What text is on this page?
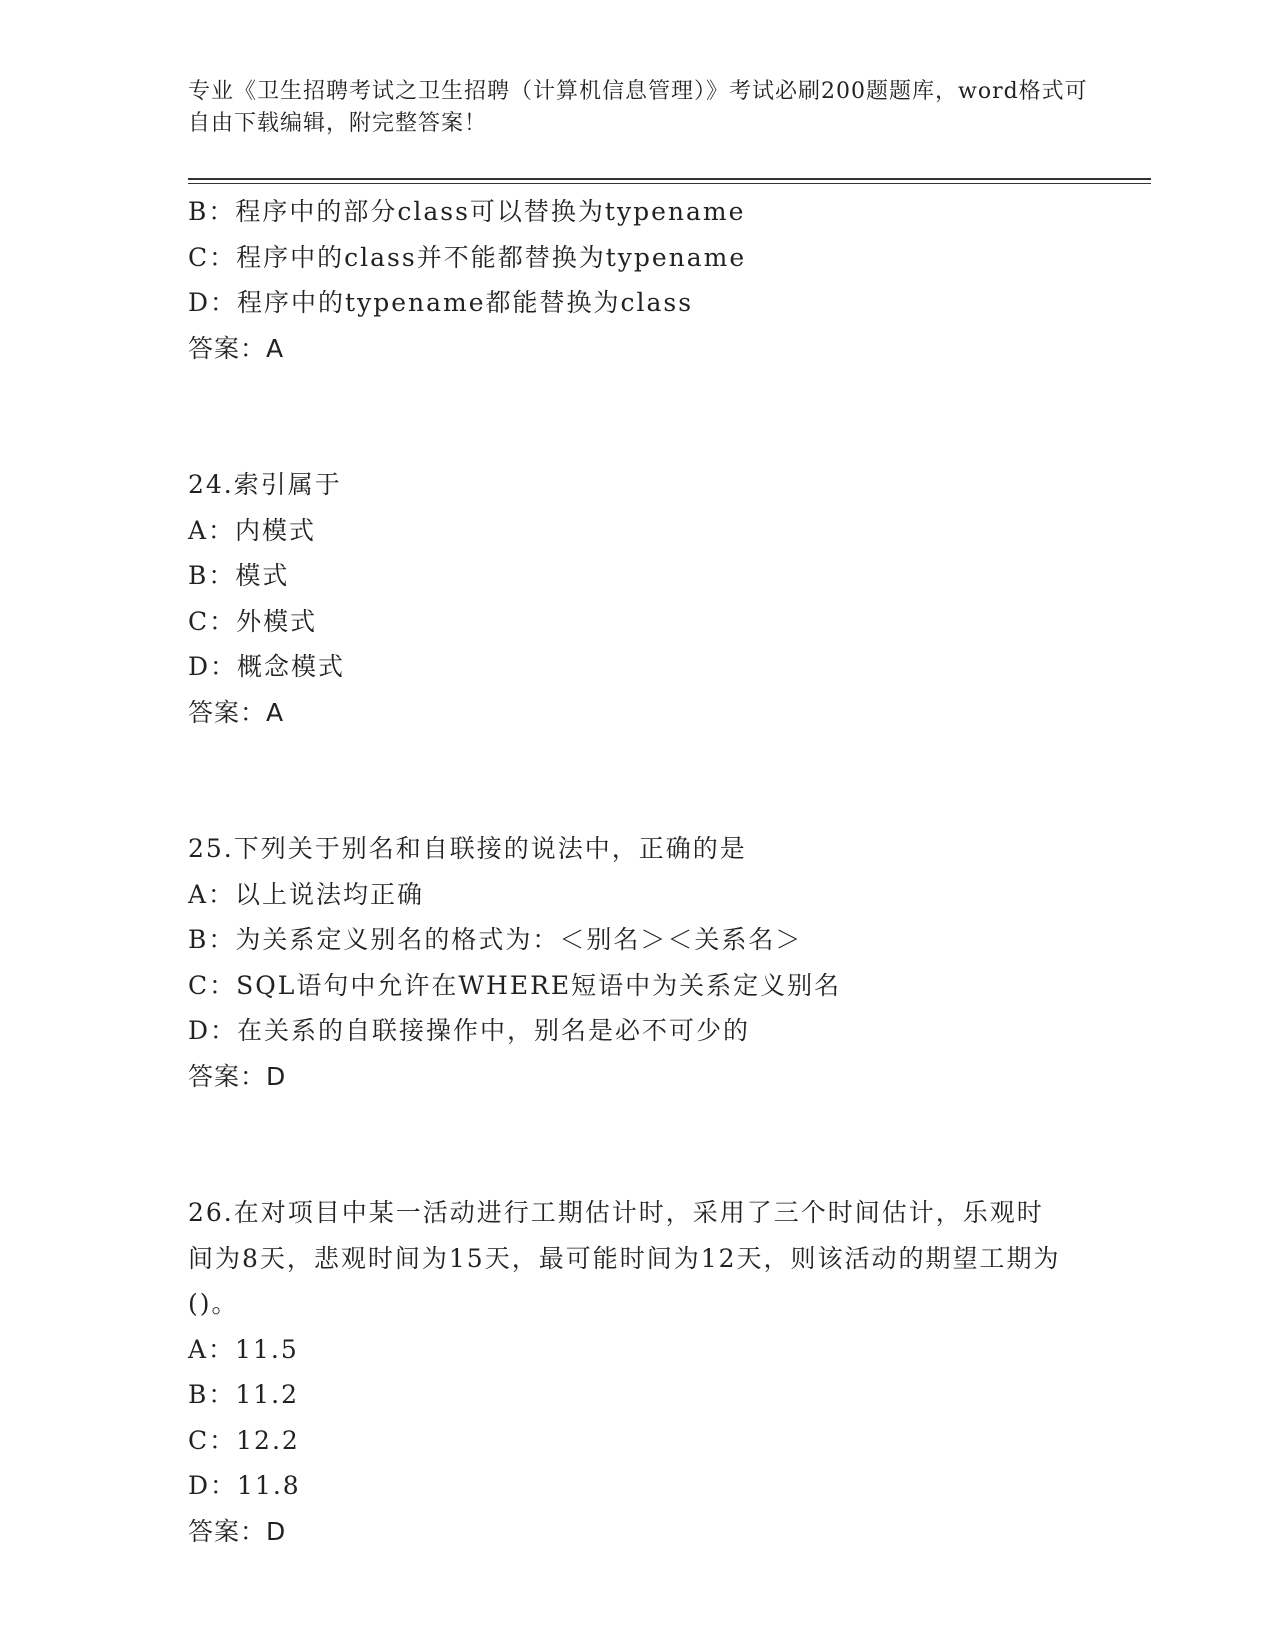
专业《卫生招聘考试之卫生招聘（计算机信息管理）》考试必刷200题题库，word格式可自由下载编辑，附完整答案！
B：程序中的部分class可以替换为typename
C：程序中的class并不能都替换为typename
D：程序中的typename都能替换为class
答案：A
24.索引属于
A：内模式
B：模式
C：外模式
D：概念模式
答案：A
25.下列关于别名和自联接的说法中，正确的是
A：以上说法均正确
B：为关系定义别名的格式为：＜别名＞＜关系名＞
C：SQL语句中允许在WHERE短语中为关系定义别名
D：在关系的自联接操作中，别名是必不可少的
答案：D
26.在对项目中某一活动进行工期估计时，采用了三个时间估计，乐观时间为8天，悲观时间为15天，最可能时间为12天，则该活动的期望工期为()。
A：11.5
B：11.2
C：12.2
D：11.8
答案：D
